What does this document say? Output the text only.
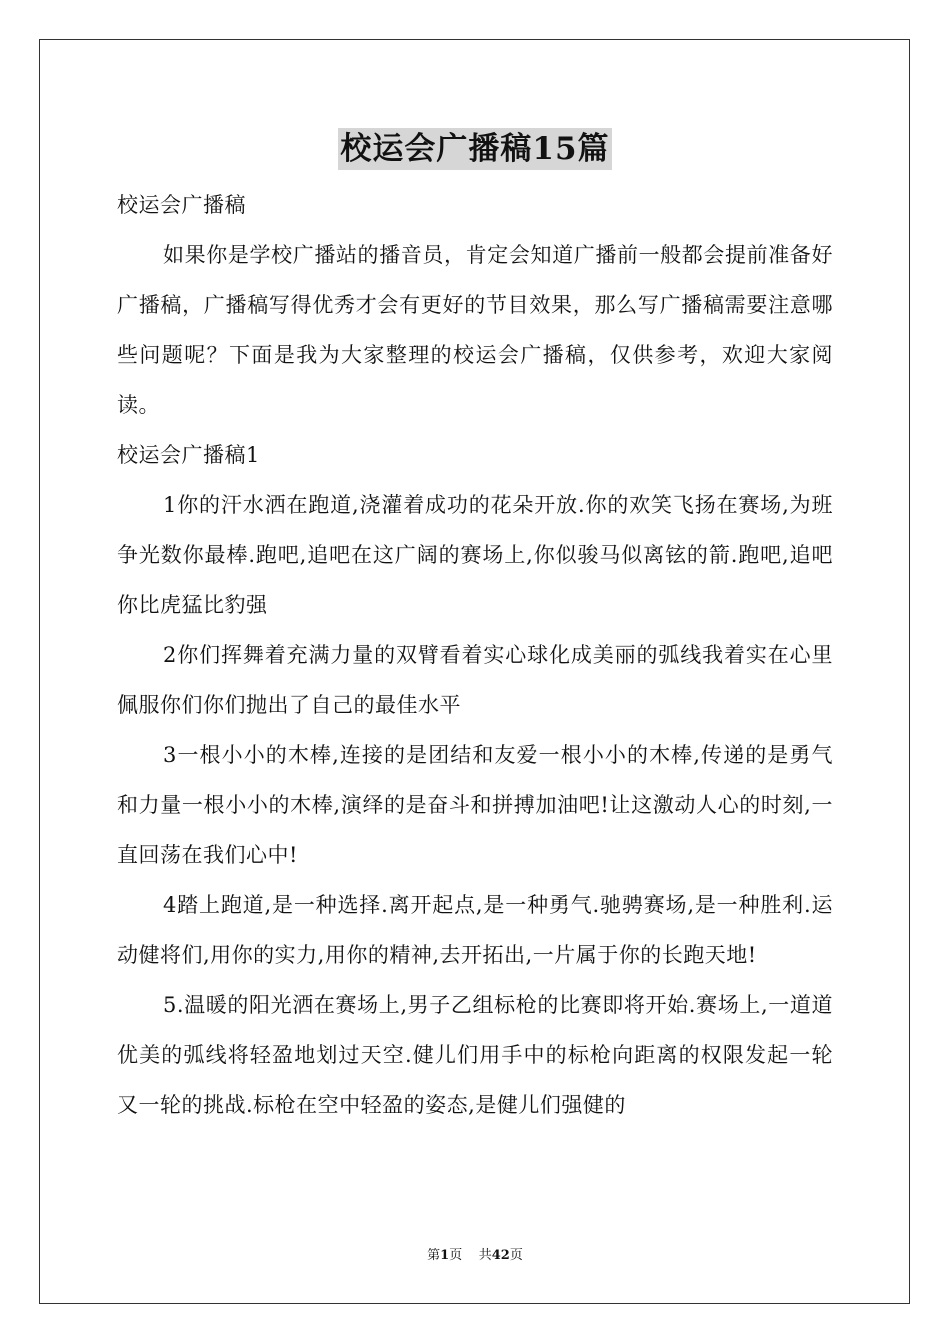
校运会广播稿15篇

校运会广播稿

如果你是学校广播站的播音员，肯定会知道广播前一般都会提前准备好广播稿，广播稿写得优秀才会有更好的节目效果，那么写广播稿需要注意哪些问题呢？下面是我为大家整理的校运会广播稿，仅供参考，欢迎大家阅读。

校运会广播稿1

1你的汗水洒在跑道,浇灌着成功的花朵开放.你的欢笑飞扬在赛场,为班争光数你最棒.跑吧,追吧在这广阔的赛场上,你似骏马似离铉的箭.跑吧,追吧你比虎猛比豹强

2你们挥舞着充满力量的双臂看着实心球化成美丽的弧线我着实在心里佩服你们你们抛出了自己的最佳水平

3一根小小的木棒,连接的是团结和友爱一根小小的木棒,传递的是勇气和力量一根小小的木棒,演绎的是奋斗和拼搏加油吧!让这激动人心的时刻,一直回荡在我们心中!

4踏上跑道,是一种选择.离开起点,是一种勇气.驰骋赛场,是一种胜利.运动健将们,用你的实力,用你的精神,去开拓出,一片属于你的长跑天地!

5.温暖的阳光洒在赛场上,男子乙组标枪的比赛即将开始.赛场上,一道道优美的弧线将轻盈地划过天空.健儿们用手中的标枪向距离的权限发起一轮又一轮的挑战.标枪在空中轻盈的姿态,是健儿们强健的

第1页    共42页
